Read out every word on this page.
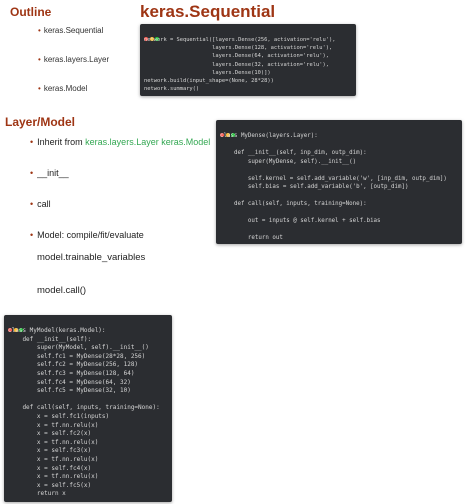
Outline
• keras.Sequential
• keras.layers.Layer
• keras.Model
keras.Sequential
network = Sequential([layers.Dense(256, activation='relu'),
layers.Dense(128, activation='relu'),
layers.Dense(64, activation='relu'),
layers.Dense(32, activation='relu'),
layers.Dense(10)])
network.build(input_shape=(None, 28*28))
network.summary()
Layer/Model
• Inherit from keras.layers.Layer keras.Model
• __init__
• call
• Model: compile/fit/evaluate
model.trainable_variables
model.call()
class MyDense(layers.Layer):

def __init__(self, inp_dim, outp_dim):
super(MyDense, self).__init__()

self.kernel = self.add_variable('w', [inp_dim, outp_dim])
self.bias = self.add_variable('b', [outp_dim])

def call(self, inputs, training=None):

out = inputs @ self.kernel + self.bias

return out
class MyModel(keras.Model):
def __init__(self):
super(MyModel, self).__init__()
self.fc1 = MyDense(28*28, 256)
self.fc2 = MyDense(256, 128)
self.fc3 = MyDense(128, 64)
self.fc4 = MyDense(64, 32)
self.fc5 = MyDense(32, 10)

def call(self, inputs, training=None):
x = self.fc1(inputs)
x = tf.nn.relu(x)
x = self.fc2(x)
x = tf.nn.relu(x)
x = self.fc3(x)
x = tf.nn.relu(x)
x = self.fc4(x)
x = tf.nn.relu(x)
x = self.fc5(x)
return x
